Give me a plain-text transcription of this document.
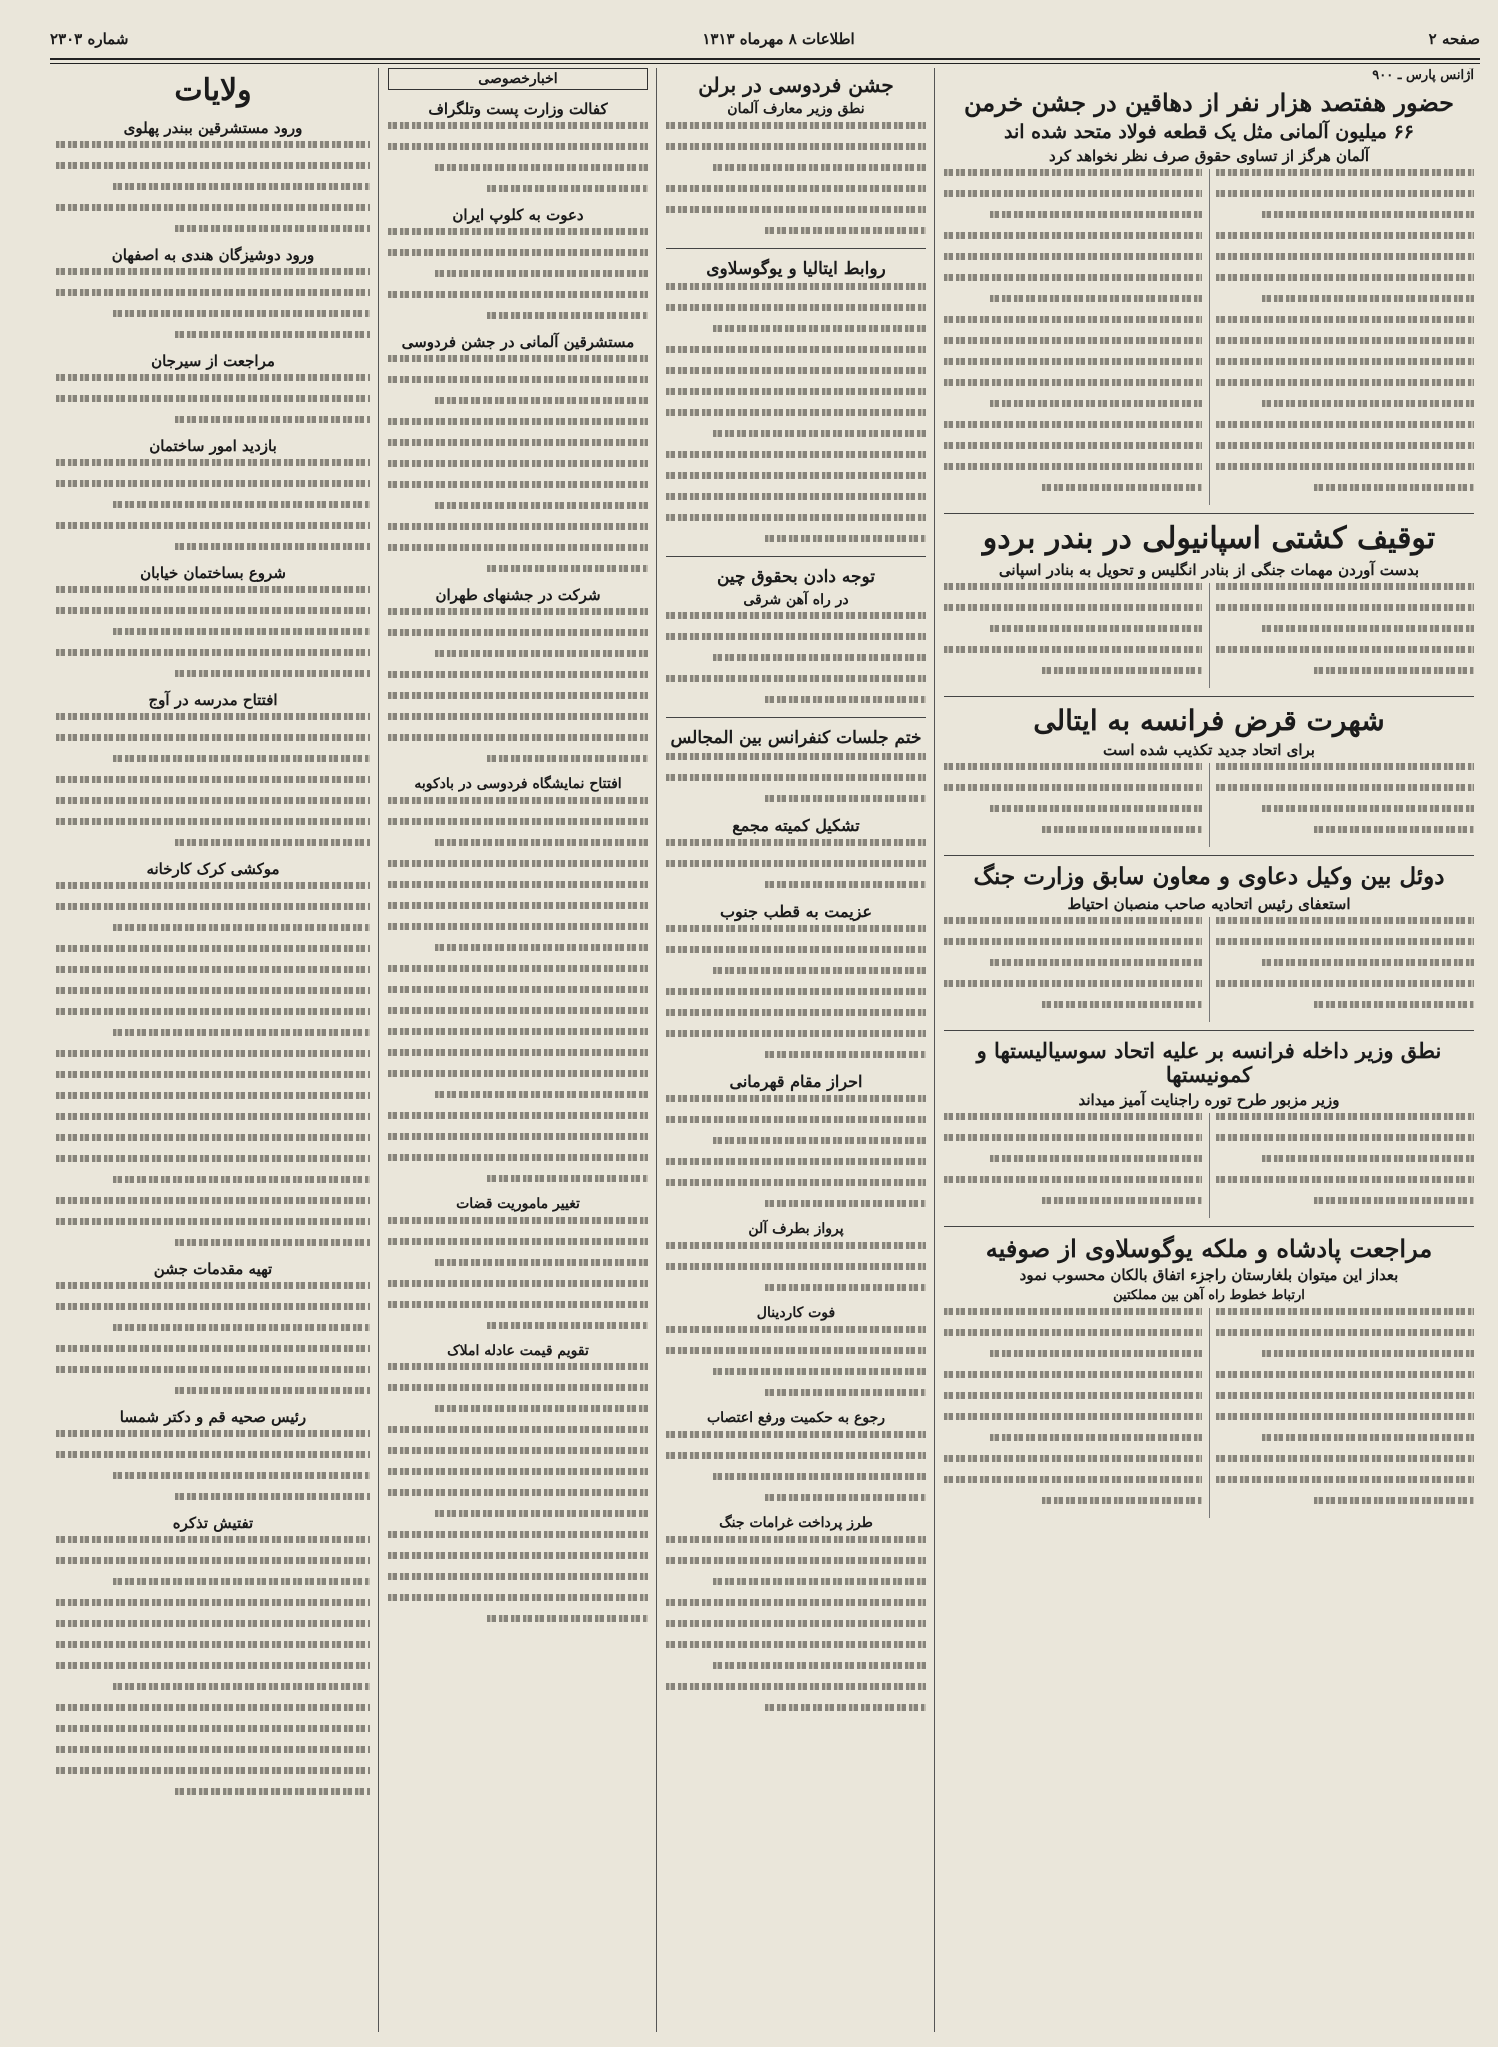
صفحه ۲
اطلاعات ۸ مهرماه ۱۳۱۳
شماره ۲۳۰۳
آژانس پارس ـ ۹۰۰
حضور هفتصد هزار نفر از دهاقین در جشن خرمن
۶۶ میلیون آلمانی مثل یک قطعه فولاد متحد شده اند
آلمان هرگز از تساوی حقوق صرف نظر نخواهد کرد
توقیف کشتی اسپانیولی در بندر بردو
بدست آوردن مهمات جنگی از بنادر انگلیس و تحویل به بنادر اسپانی
شهرت قرض فرانسه به ایتالی
برای اتحاد جدید تکذیب شده است
دوئل بین وکیل دعاوی و معاون سابق وزارت جنگ
استعفای رئیس اتحادیه صاحب منصبان احتیاط
نطق وزیر داخله فرانسه بر علیه اتحاد سوسیالیستها و کمونیستها
وزیر مزبور طرح توره راجنایت آمیز میداند
مراجعت پادشاه و ملکه یوگوسلاوی از صوفیه
بعداز این میتوان بلغارستان راجزء اتفاق بالکان محسوب نمود
ارتباط خطوط راه آهن بین مملکتین
جشن فردوسی در برلن
نطق وزیر معارف آلمان
روابط ایتالیا و یوگوسلاوی
توجه دادن بحقوق چین
در راه آهن شرقی
ختم جلسات کنفرانس بین المجالس
تشکیل کمیته مجمع
عزیمت به قطب جنوب
احراز مقام قهرمانی
پرواز بطرف آلن
فوت کاردینال
رجوع به حکمیت ورفع اعتصاب
طرز پرداخت غرامات جنگ
اخبارخصوصی
کفالت وزارت پست وتلگراف
دعوت به کلوپ ایران
مستشرقین آلمانی در جشن فردوسی
شرکت در جشنهای طهران
افتتاح نمایشگاه فردوسی در بادکوبه
تغییر ماموریت قضات
تقویم قیمت عادله املاک
ولایات
ورود مستشرقین ببندر پهلوی
ورود دوشیزگان هندی به اصفهان
مراجعت از سیرجان
بازدید امور ساختمان
شروع بساختمان خیابان
افتتاح مدرسه در آوج
موکشی کرک کارخانه
تهیه مقدمات جشن
رئیس صحیه قم و دکتر شمسا
تفتیش تذکره
